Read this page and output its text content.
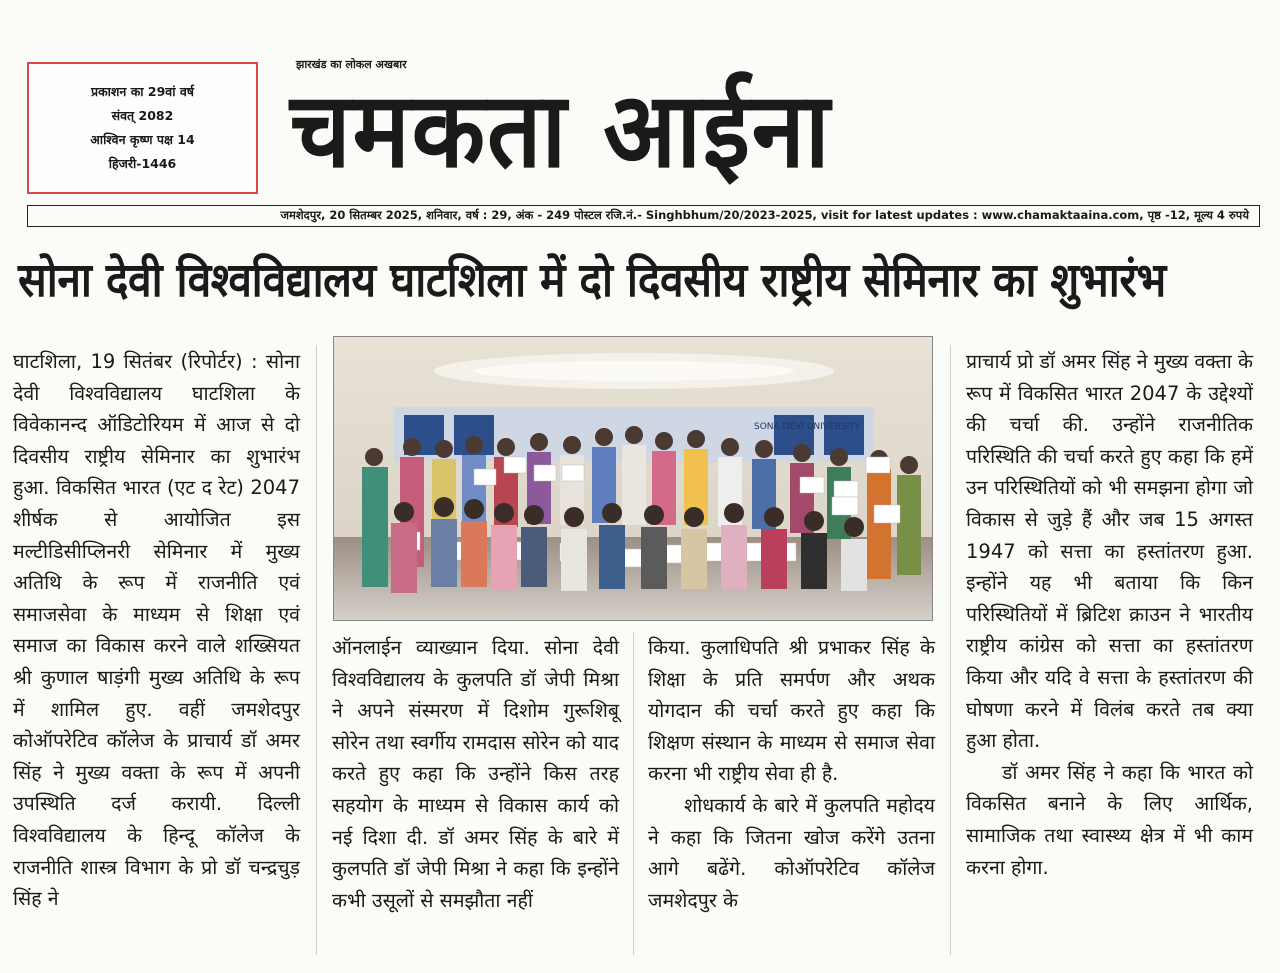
प्रकाशन का 29वां वर्ष
संवत् 2082
आश्विन कृष्ण पक्ष 14
हिजरी-1446
झारखंड का लोकल अखबार
चमकता आईना
जमशेदपुर, 20 सितम्बर 2025, शनिवार, वर्ष : 29, अंक - 249 पोस्टल रजि.नं.- Singhbhum/20/2023-2025, visit for latest updates : www.chamaktaaina.com, पृष्ठ -12, मूल्य 4 रुपये
सोना देवी विश्वविद्यालय घाटशिला में दो दिवसीय राष्ट्रीय सेमिनार का शुभारंभ

घाटशिला, 19 सितंबर (रिपोर्टर) : सोना देवी विश्वविद्यालय घाटशिला के विवेकानन्द ऑडिटोरियम में आज से दो दिवसीय राष्ट्रीय सेमिनार का शुभारंभ हुआ. विकसित भारत (एट द रेट) 2047 शीर्षक से आयोजित इस मल्टीडिसीप्लिनरी सेमिनार में मुख्य अतिथि के रूप में राजनीति एवं समाजसेवा के माध्यम से शिक्षा एवं समाज का विकास करने वाले शख्सियत श्री कुणाल षाड़ंगी मुख्य अतिथि के रूप में शामिल हुए. वहीं जमशेदपुर कोऑपरेटिव कॉलेज के प्राचार्य डॉ अमर सिंह ने मुख्य वक्ता के रूप में अपनी उपस्थिति दर्ज करायी. दिल्ली विश्वविद्यालय के हिन्दू कॉलेज के राजनीति शास्त्र विभाग के प्रो डॉ चन्द्रचुड़ सिंह ने

SONA DEVI UNIVERSITY

ऑनलाईन व्याख्यान दिया. सोना देवी विश्वविद्यालय के कुलपति डॉ जेपी मिश्रा ने अपने संस्मरण में दिशोम गुरूशिबू सोरेन तथा स्वर्गीय रामदास सोरेन को याद करते हुए कहा कि उन्होंने किस तरह सहयोग के माध्यम से विकास कार्य को नई दिशा दी. डॉ अमर सिंह के बारे में कुलपति डॉ जेपी मिश्रा ने कहा कि इन्होंने कभी उसूलों से समझौता नहीं

किया. कुलाधिपति श्री प्रभाकर सिंह के शिक्षा के प्रति समर्पण और अथक योगदान की चर्चा करते हुए कहा कि शिक्षण संस्थान के माध्यम से समाज सेवा करना भी राष्ट्रीय सेवा ही है.

शोधकार्य के बारे में कुलपति महोदय ने कहा कि जितना खोज करेंगे उतना आगे बढेंगे. कोऑपरेटिव कॉलेज जमशेदपुर के

प्राचार्य प्रो डॉ अमर सिंह ने मुख्य वक्ता के रूप में विकसित भारत 2047 के उद्देश्यों की चर्चा की. उन्होंने राजनीतिक परिस्थिति की चर्चा करते हुए कहा कि हमें उन परिस्थितियों को भी समझना होगा जो विकास से जुड़े हैं और जब 15 अगस्त 1947 को सत्ता का हस्तांतरण हुआ. इन्होंने यह भी बताया कि किन परिस्थितियों में ब्रिटिश क्राउन ने भारतीय राष्ट्रीय कांग्रेस को सत्ता का हस्तांतरण किया और यदि वे सत्ता के हस्तांतरण की घोषणा करने में विलंब करते तब क्या हुआ होता.

डॉ अमर सिंह ने कहा कि भारत को विकसित बनाने के लिए आर्थिक, सामाजिक तथा स्वास्थ्य क्षेत्र में भी काम करना होगा.
